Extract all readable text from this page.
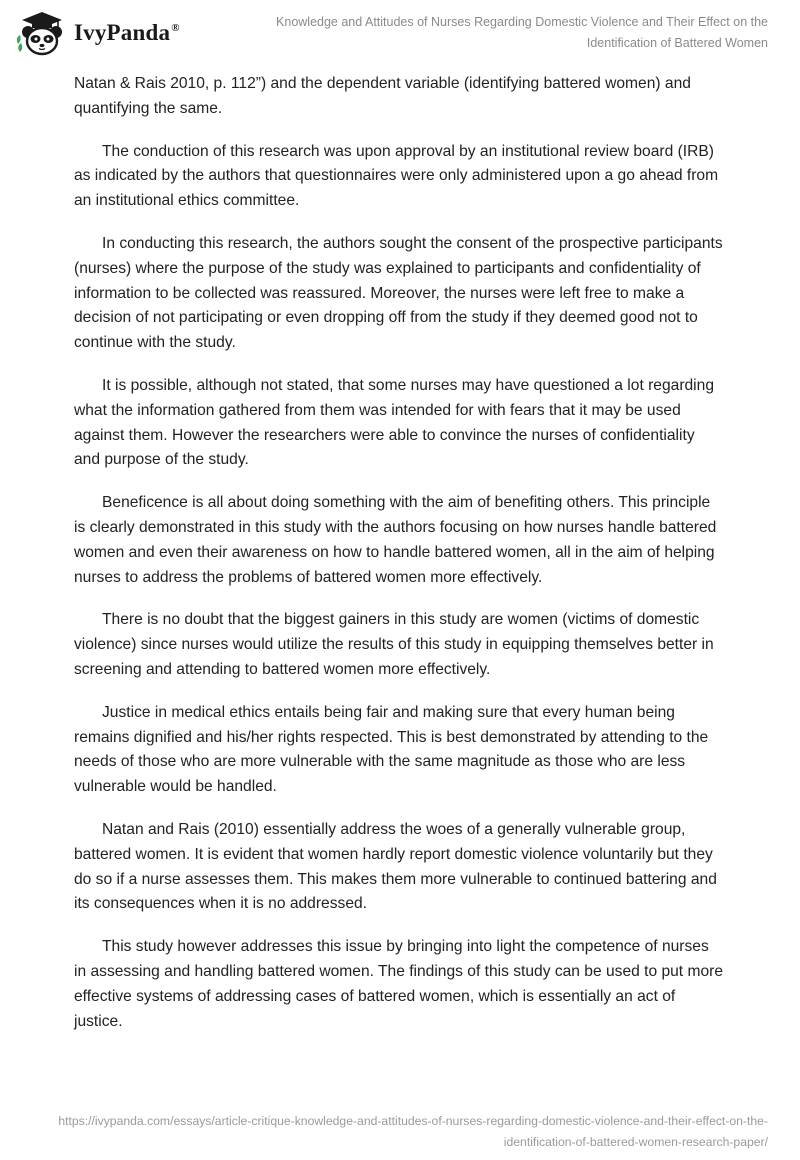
IvyPanda®	Knowledge and Attitudes of Nurses Regarding Domestic Violence and Their Effect on the
Identification of Battered Women

Natan & Rais 2010, p. 112”) and the dependent variable (identifying battered women) and quantifying the same.

The conduction of this research was upon approval by an institutional review board (IRB) as indicated by the authors that questionnaires were only administered upon a go ahead from an institutional ethics committee.

In conducting this research, the authors sought the consent of the prospective participants (nurses) where the purpose of the study was explained to participants and confidentiality of information to be collected was reassured. Moreover, the nurses were left free to make a decision of not participating or even dropping off from the study if they deemed good not to continue with the study.

It is possible, although not stated, that some nurses may have questioned a lot regarding what the information gathered from them was intended for with fears that it may be used against them. However the researchers were able to convince the nurses of confidentiality and purpose of the study.

Beneficence is all about doing something with the aim of benefiting others. This principle is clearly demonstrated in this study with the authors focusing on how nurses handle battered women and even their awareness on how to handle battered women, all in the aim of helping nurses to address the problems of battered women more effectively.

There is no doubt that the biggest gainers in this study are women (victims of domestic violence) since nurses would utilize the results of this study in equipping themselves better in screening and attending to battered women more effectively.

Justice in medical ethics entails being fair and making sure that every human being remains dignified and his/her rights respected. This is best demonstrated by attending to the needs of those who are more vulnerable with the same magnitude as those who are less vulnerable would be handled.

Natan and Rais (2010) essentially address the woes of a generally vulnerable group, battered women. It is evident that women hardly report domestic violence voluntarily but they do so if a nurse assesses them. This makes them more vulnerable to continued battering and its consequences when it is no addressed.

This study however addresses this issue by bringing into light the competence of nurses in assessing and handling battered women. The findings of this study can be used to put more effective systems of addressing cases of battered women, which is essentially an act of justice.

https://ivypanda.com/essays/article-critique-knowledge-and-attitudes-of-nurses-regarding-domestic-violence-and-their-effect-on-the-
identification-of-battered-women-research-paper/
